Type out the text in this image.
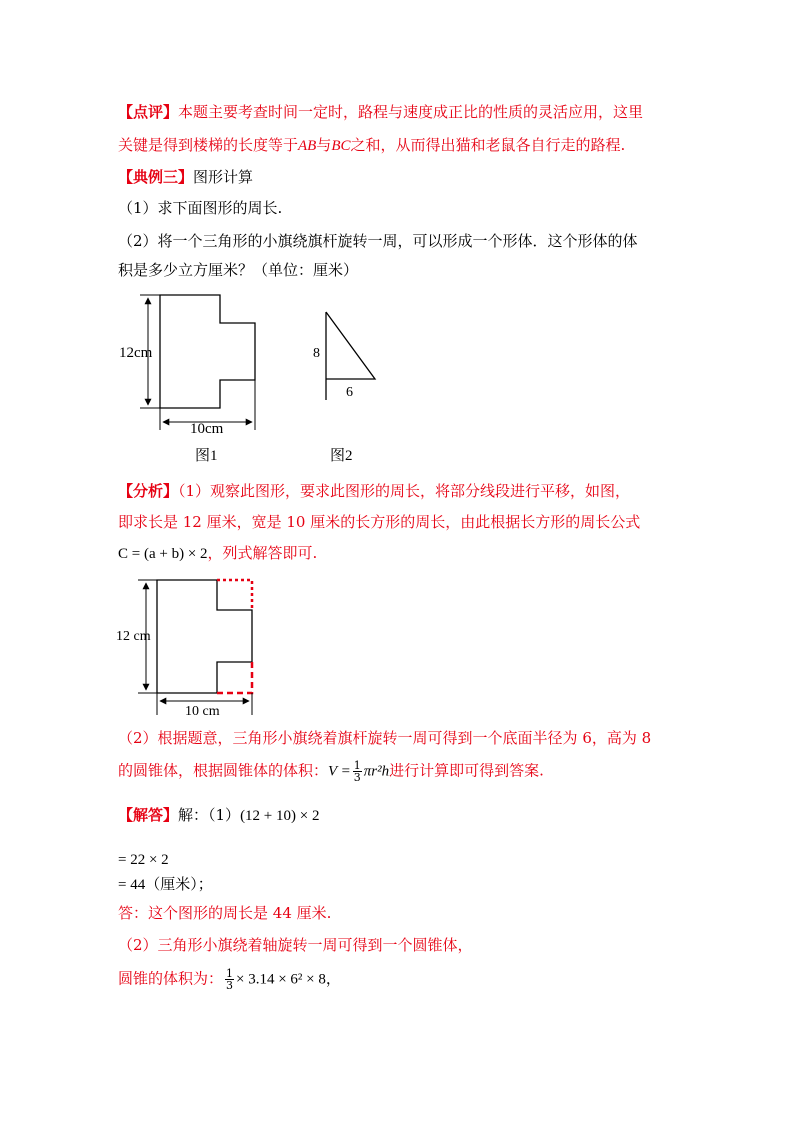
【点评】本题主要考查时间一定时，路程与速度成正比的性质的灵活应用，这里
关键是得到楼梯的长度等于AB与BC之和，从而得出猫和老鼠各自行走的路程.
【典例三】图形计算
（1）求下面图形的周长.
（2）将一个三角形的小旗绕旗杆旋转一周，可以形成一个形体．这个形体的体
积是多少立方厘米？（单位：厘米）
12cm
10cm
图1
8
6
图2
【分析】（1）观察此图形，要求此图形的周长，将部分线段进行平移，如图，
即求长是 12 厘米，宽是 10 厘米的长方形的周长，由此根据长方形的周长公式
C = (a + b) × 2，列式解答即可.
12 cm
10 cm
（2）根据题意，三角形小旗绕着旗杆旋转一周可得到一个底面半径为 6，高为 8
的圆锥体，根据圆锥体的体积：$V = \frac{1}{3} \pi r^2h$进行计算即可得到答案.
【解答】解：（1）(12 + 10) × 2
= 22 × 2
= 44（厘米）；
答：这个图形的周长是 44 厘米.
（2）三角形小旗绕着轴旋转一周可得到一个圆锥体，
圆锥的体积为： $\frac{1}{3} \times 3.14 \times 6^2 \times 8$，
